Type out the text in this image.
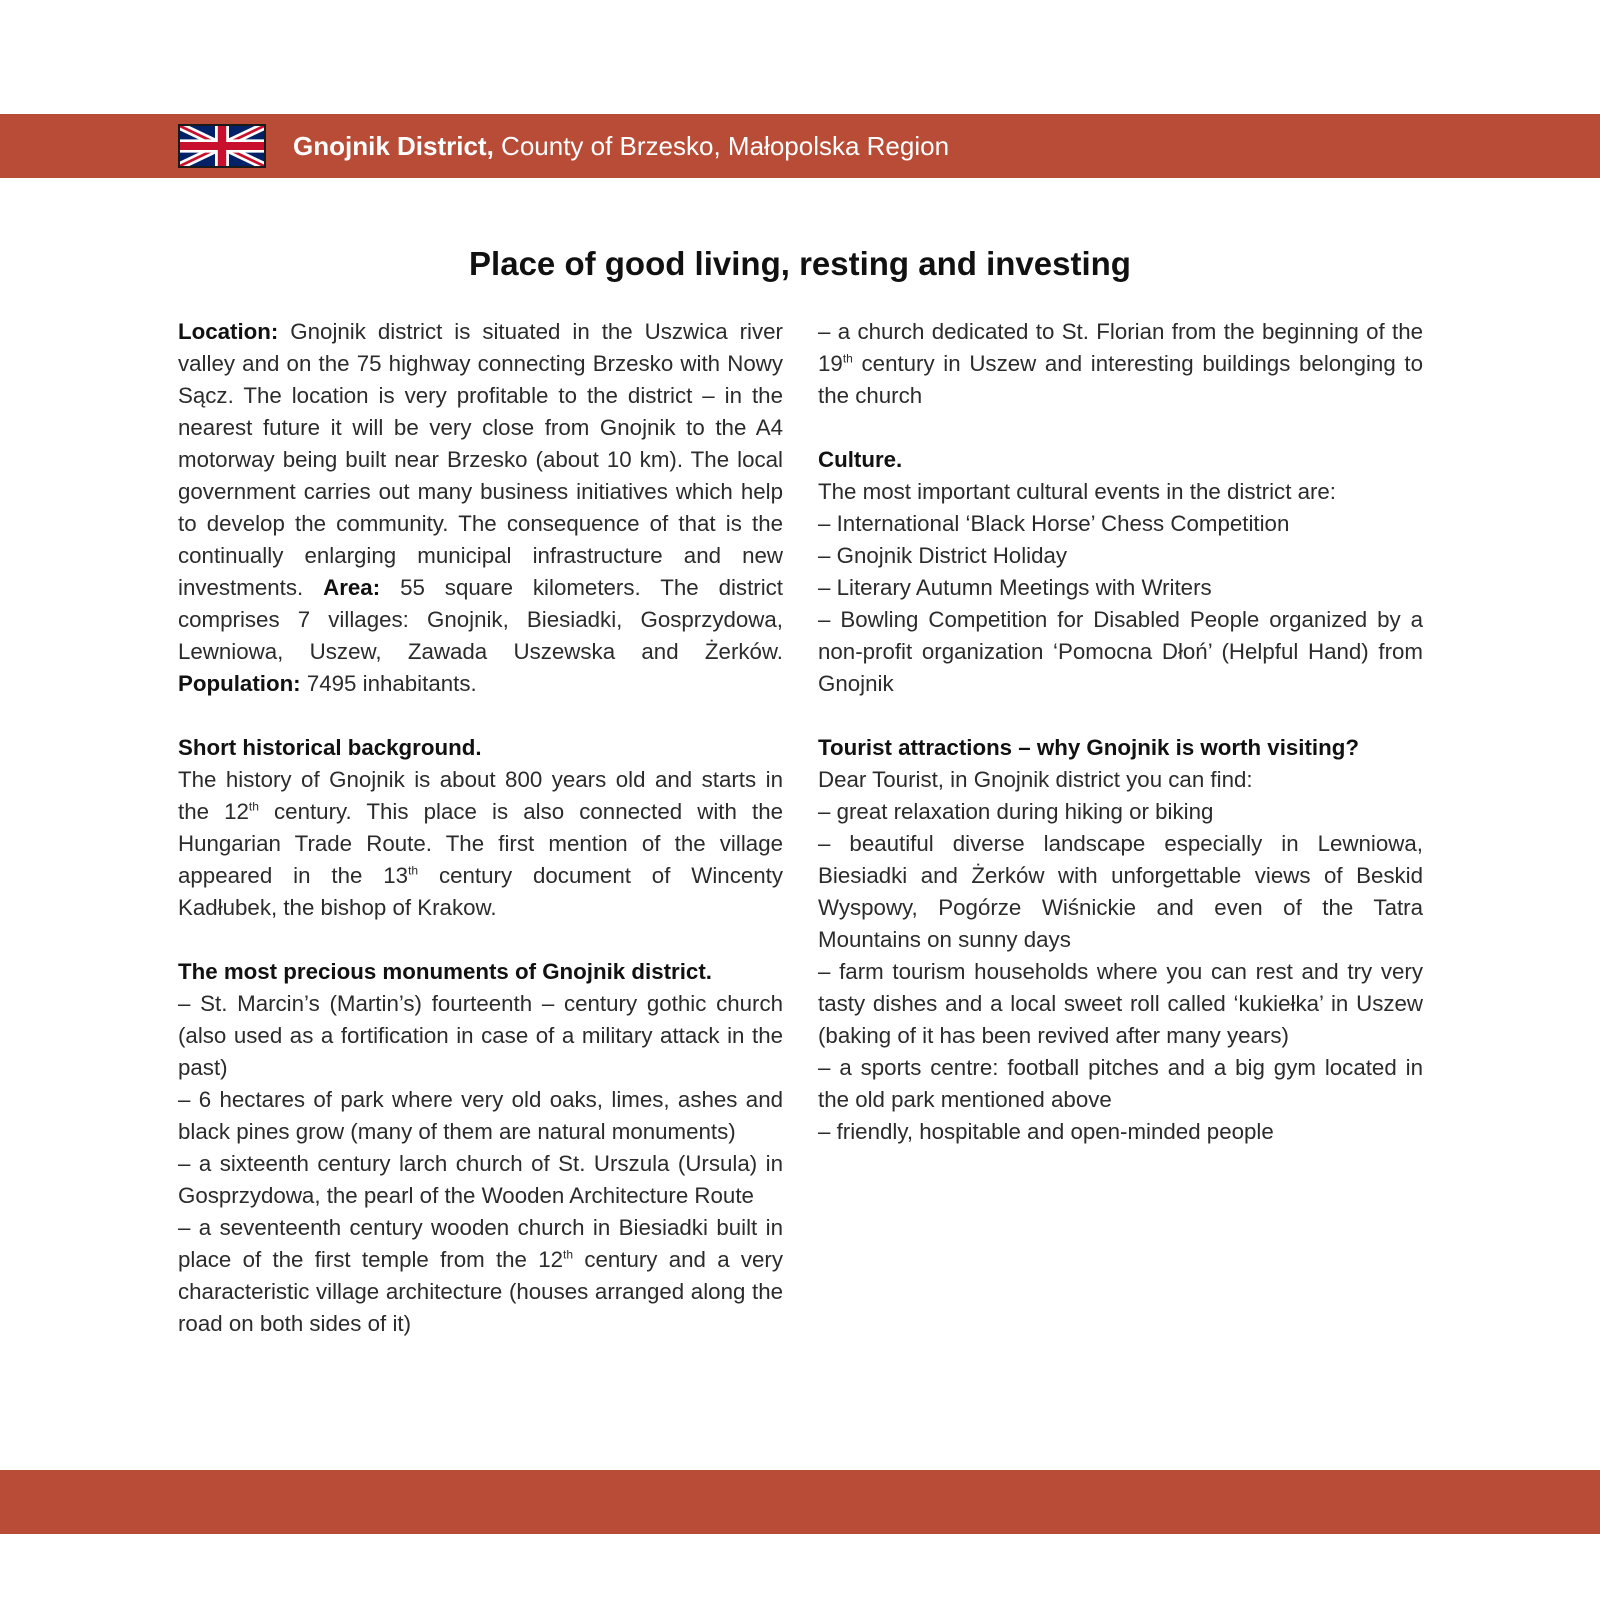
Gnojnik District, County of Brzesko, Małopolska Region
Place of good living, resting and investing

Location: Gnojnik district is situated in the Uszwica river valley and on the 75 highway connecting Brzesko with Nowy Sącz. The location is very profitable to the district – in the nearest future it will be very close from Gnojnik to the A4 motorway being built near Brzesko (about 10 km). The local government carries out many business initiatives which help to develop the community. The consequence of that is the continually enlarging municipal infrastructure and new investments. Area: 55 square kilometers. The district comprises 7 villages: Gnojnik, Biesiadki, Gosprzydowa, Lewniowa, Uszew, Zawada Uszewska and Żerków. Population: 7495 inhabitants.

Short historical background.

The history of Gnojnik is about 800 years old and starts in the 12th century. This place is also connected with the Hungarian Trade Route. The first mention of the village appeared in the 13th century document of Wincenty Kadłubek, the bishop of Krakow.

The most precious monuments of Gnojnik district.

– St. Marcin’s (Martin’s) fourteenth – century gothic church (also used as a fortification in case of a military attack in the past)

– 6 hectares of park where very old oaks, limes, ashes and black pines grow (many of them are natural monuments)

– a sixteenth century larch church of St. Urszula (Ursula) in Gosprzydowa, the pearl of the Wooden Architecture Route

– a seventeenth century wooden church in Biesiadki built in place of the first temple from the 12th century and a very characteristic village architecture (houses arranged along the road on both sides of it)

– a church dedicated to St. Florian from the beginning of the 19th century in Uszew and interesting buildings belonging to the church

Culture.

The most important cultural events in the district are:

– International ‘Black Horse’ Chess Competition

– Gnojnik District Holiday

– Literary Autumn Meetings with Writers

– Bowling Competition for Disabled People organized by a non-profit organization ‘Pomocna Dłoń’ (Helpful Hand) from Gnojnik

Tourist attractions – why Gnojnik is worth visiting?

Dear Tourist, in Gnojnik district you can find:

– great relaxation during hiking or biking

– beautiful diverse landscape especially in Lewniowa, Biesiadki and Żerków with unforgettable views of Beskid Wyspowy, Pogórze Wiśnickie and even of the Tatra Mountains on sunny days

– farm tourism households where you can rest and try very tasty dishes and a local sweet roll called ‘kukiełka’ in Uszew (baking of it has been revived after many years)

– a sports centre: football pitches and a big gym located in the old park mentioned above

– friendly, hospitable and open-minded people
